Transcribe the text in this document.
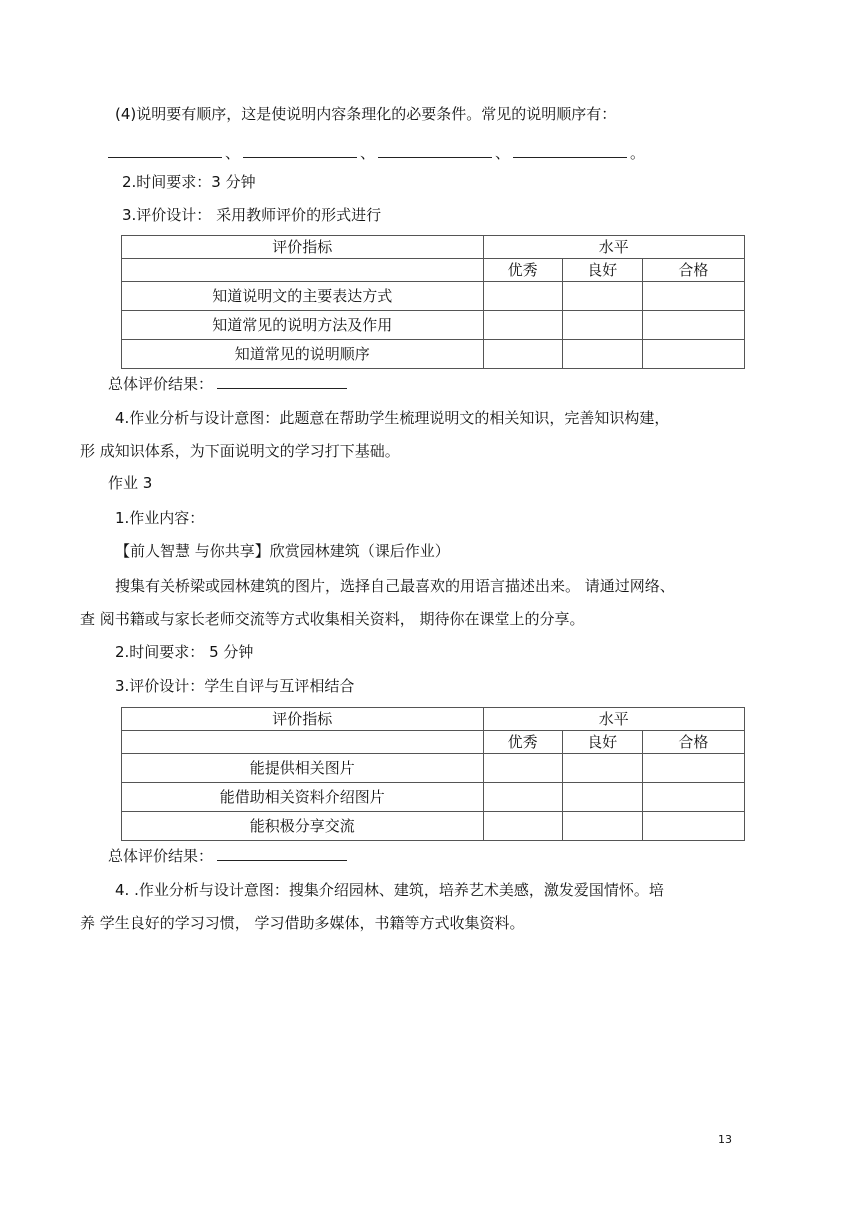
(4)说明要有顺序，这是使说明内容条理化的必要条件。常见的说明顺序有：
、	、	、	。
2.时间要求：3 分钟
3.评价设计： 采用教师评价的形式进行
评价指标	水平		
	优秀	良好	合格
知道说明文的主要表达方式			
知道常见的说明方法及作用			
知道常见的说明顺序			
总体评价结果：
4.作业分析与设计意图：此题意在帮助学生梳理说明文的相关知识，完善知识构建，
形 成知识体系，为下面说明文的学习打下基础。
作业 3
1.作业内容：
【前人智慧 与你共享】欣赏园林建筑（课后作业）
搜集有关桥梁或园林建筑的图片，选择自己最喜欢的用语言描述出来。 请通过网络、
查 阅书籍或与家长老师交流等方式收集相关资料， 期待你在课堂上的分享。
2.时间要求： 5 分钟
3.评价设计：学生自评与互评相结合
评价指标	水平		
	优秀	良好	合格
能提供相关图片			
能借助相关资料介绍图片			
能积极分享交流			
总体评价结果：
4. .作业分析与设计意图：搜集介绍园林、建筑，培养艺术美感，激发爱国情怀。培
养 学生良好的学习习惯， 学习借助多媒体，书籍等方式收集资料。
13
